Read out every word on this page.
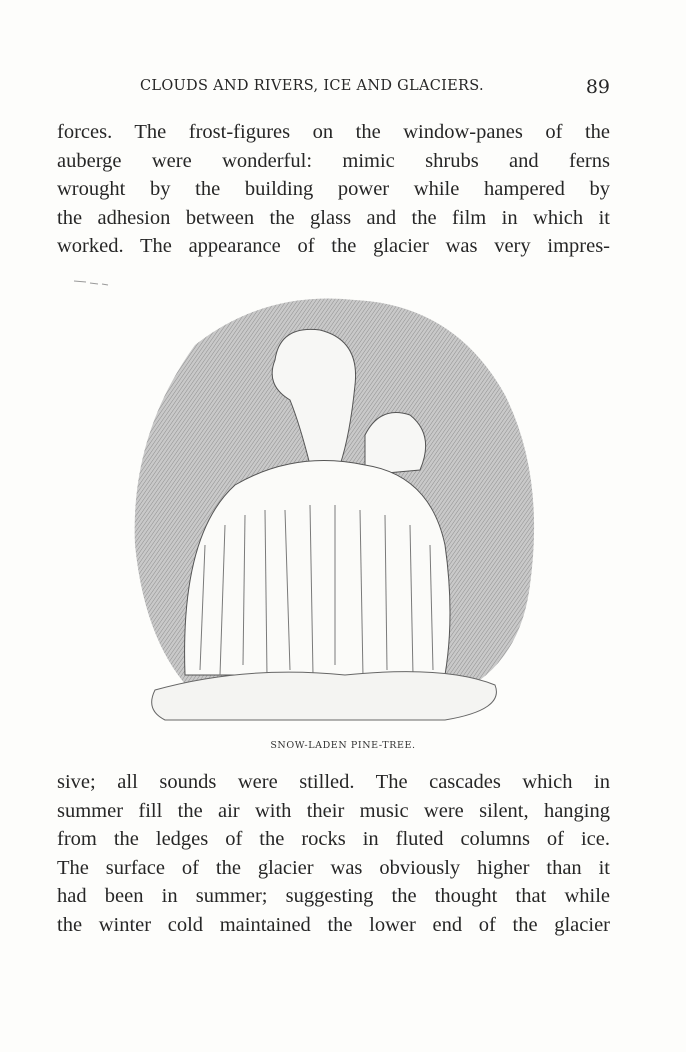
CLOUDS AND RIVERS, ICE AND GLACIERS.	89
forces. The frost-figures on the window-panes of the
auberge were wonderful: mimic shrubs and ferns
wrought by the building power while hampered by
the adhesion between the glass and the film in which it
worked. The appearance of the glacier was very impres-
SNOW-LADEN PINE-TREE.
sive; all sounds were stilled. The cascades which in
summer fill the air with their music were silent, hanging
from the ledges of the rocks in fluted columns of ice.
The surface of the glacier was obviously higher than it
had been in summer; suggesting the thought that while
the winter cold maintained the lower end of the glacier
